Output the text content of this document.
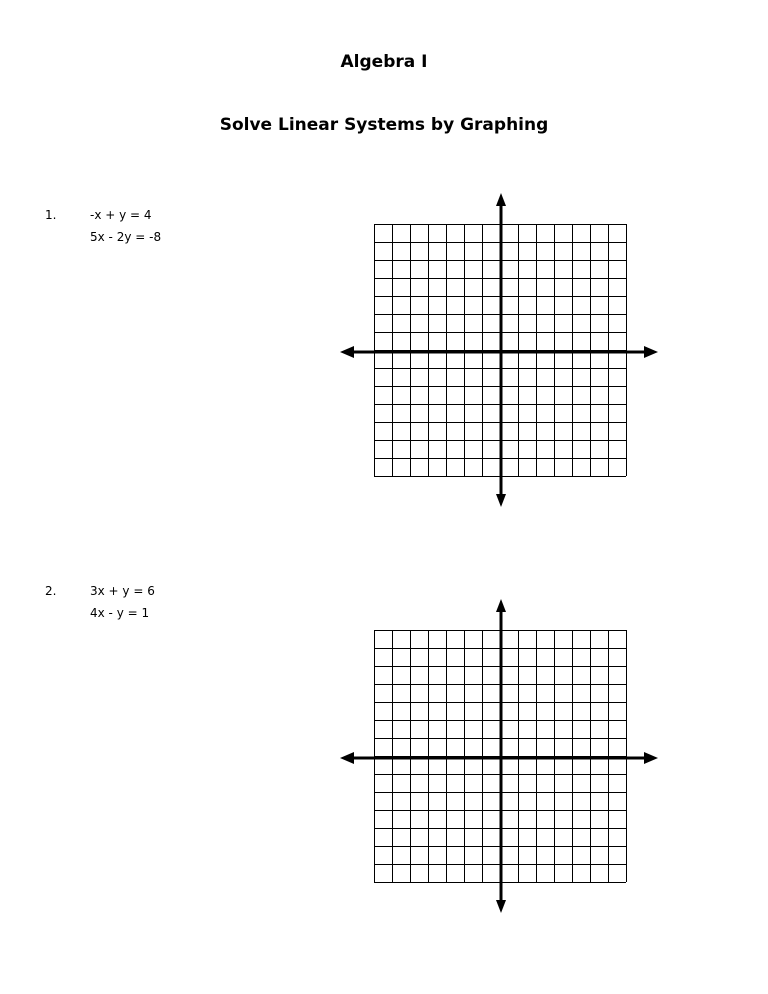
Algebra I
Solve Linear Systems by Graphing
1.	-x + y = 4
5x - 2y = -8
2.	3x + y = 6
4x - y = 1
